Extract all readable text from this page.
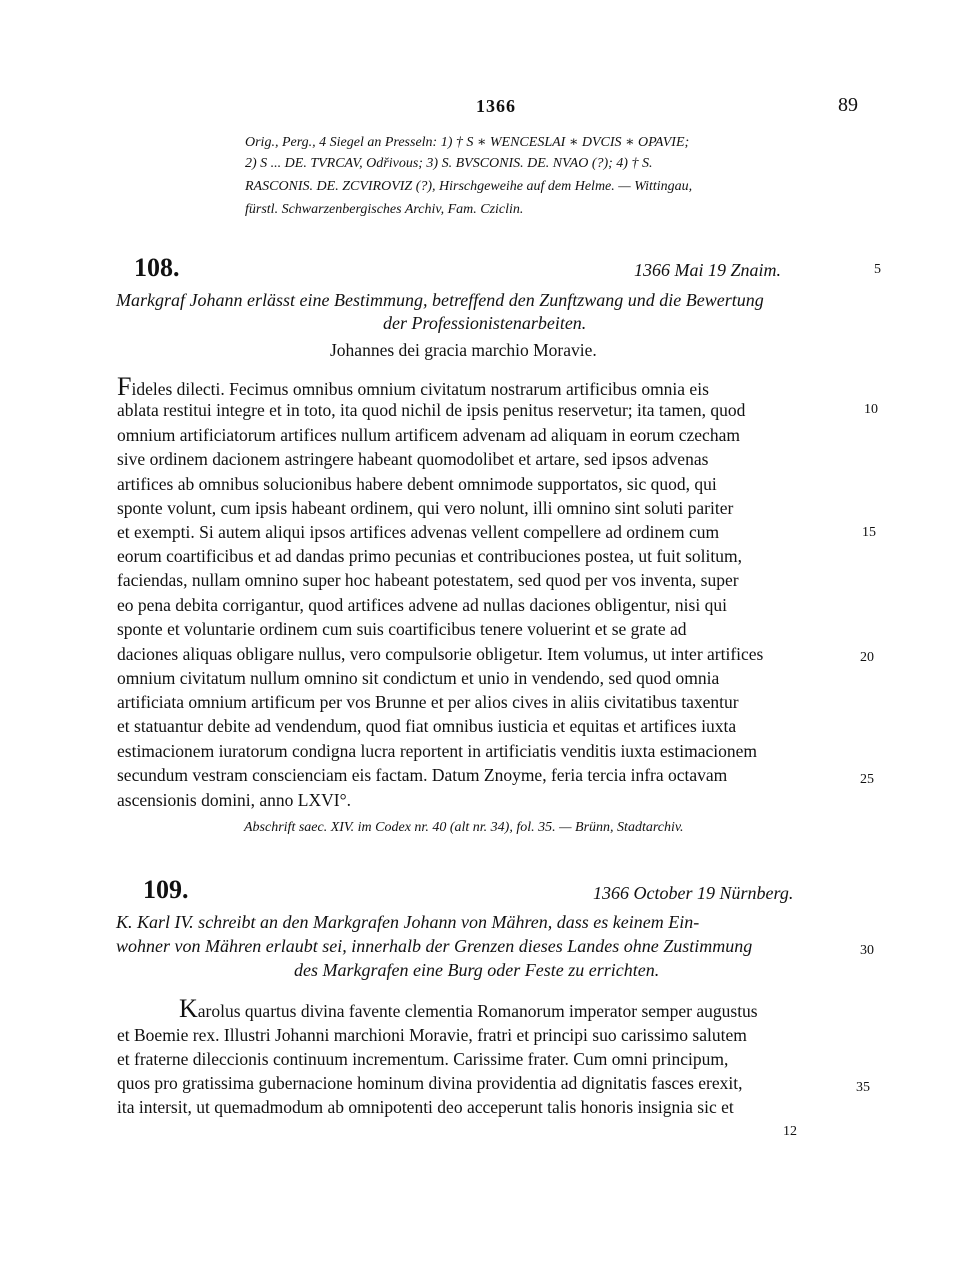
1366	89
Orig., Perg., 4 Siegel an Presseln: 1) † S ∗ WENCESLAI ∗ DVCIS ∗ OPAVIE;
2) S ... DE. TVRCAV, Odřivous; 3) S. BVSCONIS. DE. NVAO (?); 4) † S.
RASCONIS. DE. ZCVIROVIZ (?), Hirschgeweihe auf dem Helme. — Wittingau,
fürstl. Schwarzenbergisches Archiv, Fam. Cziclin.
108.	1366 Mai 19 Znaim.	5
Markgraf Johann erlässt eine Bestimmung, betreffend den Zunftzwang und die Bewertung
der Professionistenarbeiten.
Johannes dei gracia marchio Moravie.
Fideles dilecti. Fecimus omnibus omnium civitatum nostrarum artificibus omnia eis
ablata restitui integre et in toto, ita quod nichil de ipsis penitus reservetur; ita tamen, quod	10
omnium artificiatorum artifices nullum artificem advenam ad aliquam in eorum czecham
sive ordinem dacionem astringere habeant quomodolibet et artare, sed ipsos advenas
artifices ab omnibus solucionibus habere debent omnimode supportatos, sic quod, qui
sponte volunt, cum ipsis habeant ordinem, qui vero nolunt, illi omnino sint soluti pariter
et exempti. Si autem aliqui ipsos artifices advenas vellent compellere ad ordinem cum	15
eorum coartificibus et ad dandas primo pecunias et contribuciones postea, ut fuit solitum,
faciendas, nullam omnino super hoc habeant potestatem, sed quod per vos inventa, super
eo pena debita corrigantur, quod artifices advene ad nullas daciones obligentur, nisi qui
sponte et voluntarie ordinem cum suis coartificibus tenere voluerint et se grate ad
daciones aliquas obligare nullus, vero compulsorie obligetur. Item volumus, ut inter artifices	20
omnium civitatum nullum omnino sit condictum et unio in vendendo, sed quod omnia
artificiata omnium artificum per vos Brunne et per alios cives in aliis civitatibus taxentur
et statuantur debite ad vendendum, quod fiat omnibus iusticia et equitas et artifices iuxta
estimacionem iuratorum condigna lucra reportent in artificiatis venditis iuxta estimacionem
secundum vestram conscienciam eis factam. Datum Znoyme, feria tercia infra octavam	25
ascensionis domini, anno LXVI°.
Abschrift saec. XIV. im Codex nr. 40 (alt nr. 34), fol. 35. — Brünn, Stadtarchiv.
109.	1366 October 19 Nürnberg.
K. Karl IV. schreibt an den Markgrafen Johann von Mähren, dass es keinem Ein-
wohner von Mähren erlaubt sei, innerhalb der Grenzen dieses Landes ohne Zustimmung	30
des Markgrafen eine Burg oder Feste zu errichten.
Karolus quartus divina favente clementia Romanorum imperator semper augustus
et Boemie rex. Illustri Johanni marchioni Moravie, fratri et principi suo carissimo salutem
et fraterne dileccionis continuum incrementum. Carissime frater. Cum omni principum,
quos pro gratissima gubernacione hominum divina providentia ad dignitatis fasces erexit,	35
ita intersit, ut quemadmodum ab omnipotenti deo acceperunt talis honoris insignia sic et
12
